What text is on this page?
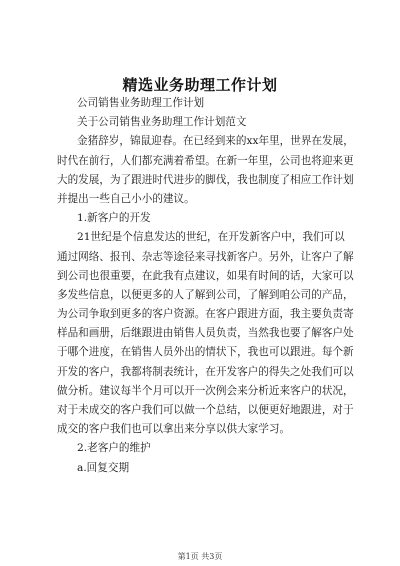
精选业务助理工作计划
公司销售业务助理工作计划
关于公司销售业务助理工作计划范文
金猪辞岁，锦鼠迎春。在已经到来的xx年里，世界在发展，
时代在前行，人们都充满着希望。在新一年里，公司也将迎来更
大的发展，为了跟进时代进步的脚伐，我也制度了相应工作计划
并提出一些自己小小的建议。
1.新客户的开发
21世纪是个信息发达的世纪，在开发新客户中，我们可以
通过网络、报刊、杂志等途径来寻找新客户。另外，让客户了解
到公司也很重要，在此我有点建议，如果有时间的话，大家可以
多发些信息，以便更多的人了解到公司，了解到咱公司的产品，
为公司争取到更多的客户资源。在客户跟进方面，我主要负责寄
样品和画册，后继跟进由销售人员负责，当然我也要了解客户处
于哪个进度，在销售人员外出的情状下，我也可以跟进。每个新
开发的客户，我都将制表统计，在开发客户的得失之处我们可以
做分析。建议每半个月可以开一次例会来分析近来客户的状况，
对于未成交的客户我们可以做一个总结，以便更好地跟进，对于
成交的客户我们也可以拿出来分享以供大家学习。
2.老客户的维护
a.回复交期
第1页 共3页
